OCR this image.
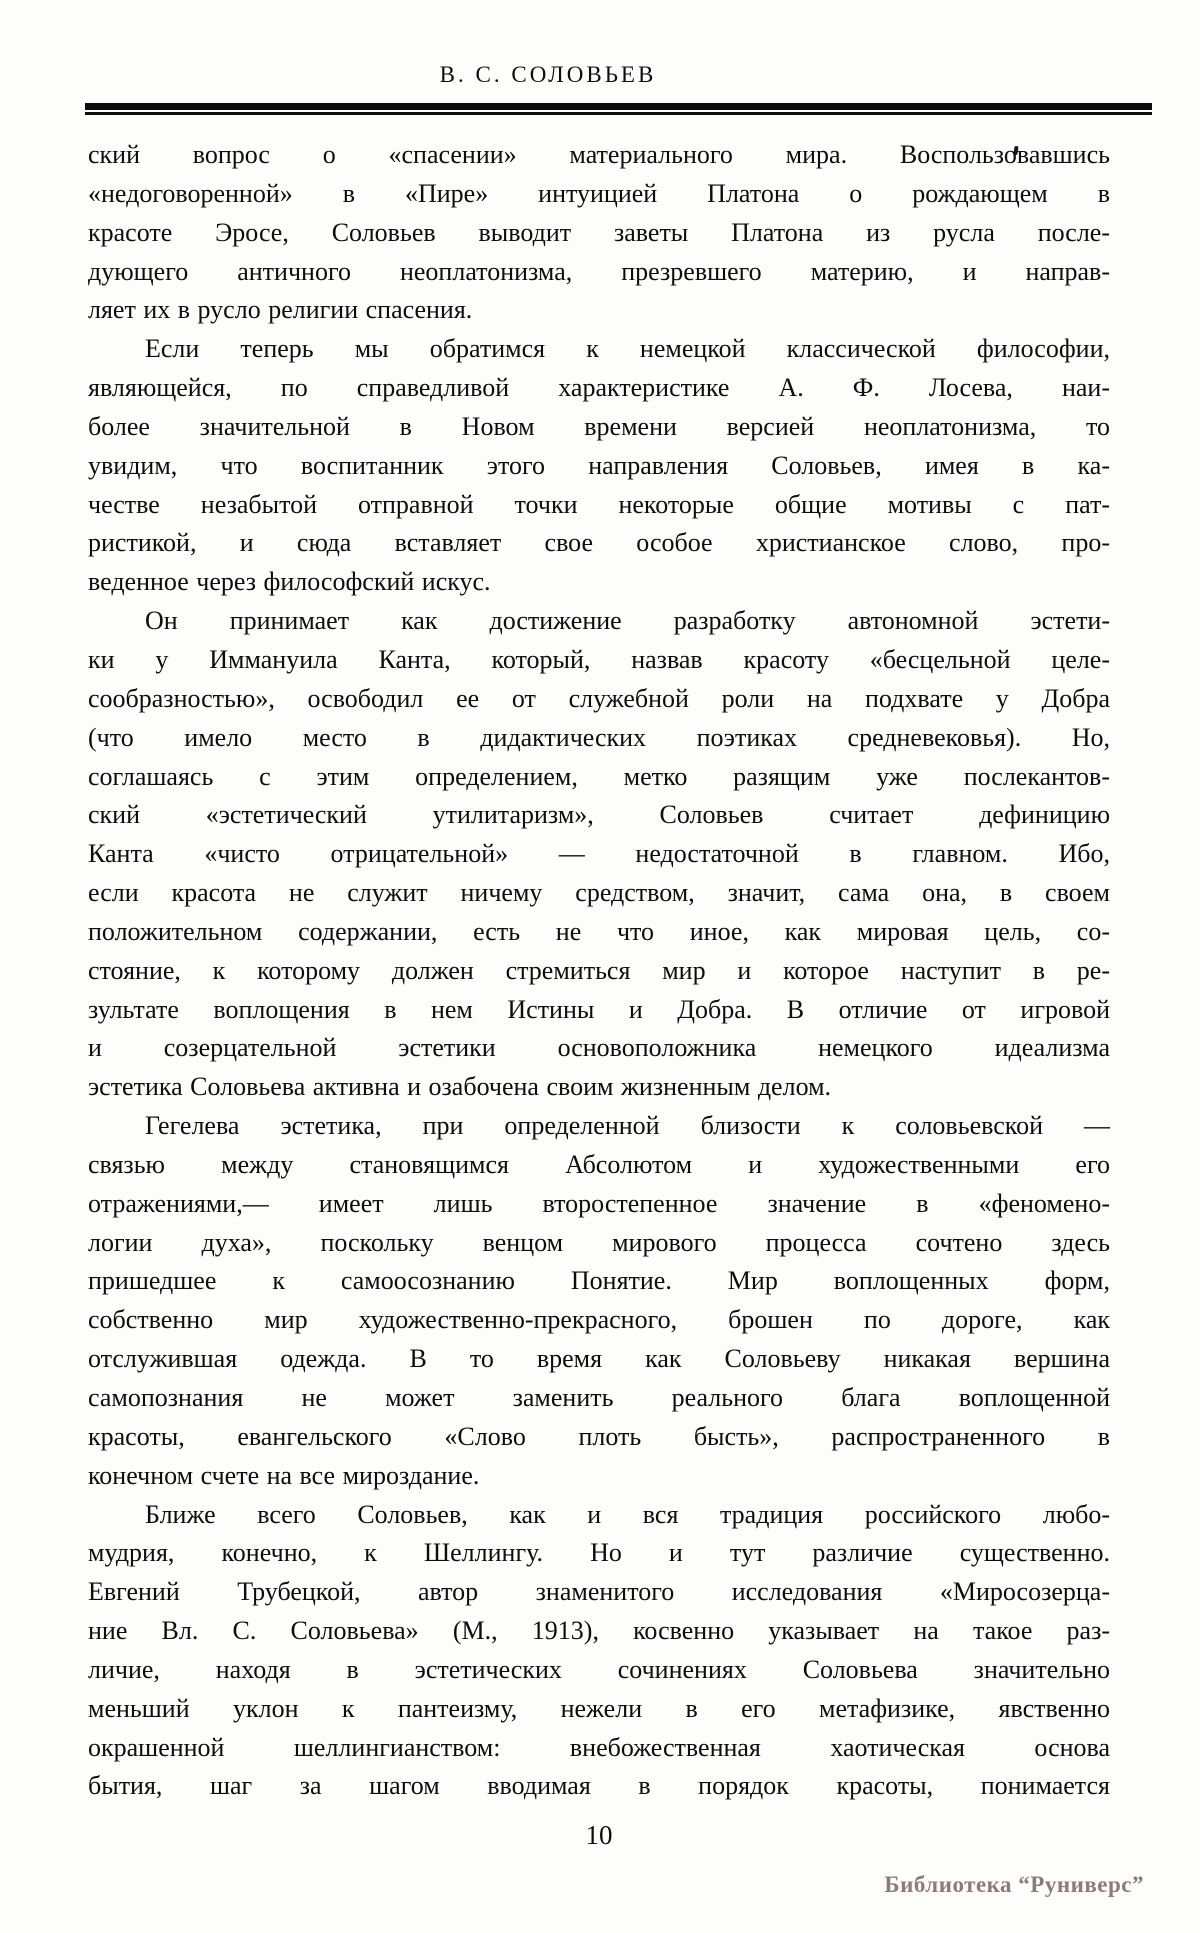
В. С. СОЛОВЬЕВ
ский вопрос о «спасении» материального мира. Воспользовавшись
«недоговоренной» в «Пире» интуицией Платона о рождающем в
красоте Эросе, Соловьев выводит заветы Платона из русла после-
дующего античного неоплатонизма, презревшего материю, и направ-
ляет их в русло религии спасения.
Если теперь мы обратимся к немецкой классической философии,
являющейся, по справедливой характеристике А. Ф. Лосева, наи-
более значительной в Новом времени версией неоплатонизма, то
увидим, что воспитанник этого направления Соловьев, имея в ка-
честве незабытой отправной точки некоторые общие мотивы с пат-
ристикой, и сюда вставляет свое особое христианское слово, про-
веденное через философский искус.
Он принимает как достижение разработку автономной эстети-
ки у Иммануила Канта, который, назвав красоту «бесцельной целе-
сообразностью», освободил ее от служебной роли на подхвате у Добра
(что имело место в дидактических поэтиках средневековья). Но,
соглашаясь с этим определением, метко разящим уже послекантов-
ский «эстетический утилитаризм», Соловьев считает дефиницию
Канта «чисто отрицательной» — недостаточной в главном. Ибо,
если красота не служит ничему средством, значит, сама она, в своем
положительном содержании, есть не что иное, как мировая цель, со-
стояние, к которому должен стремиться мир и которое наступит в ре-
зультате воплощения в нем Истины и Добра. В отличие от игровой
и созерцательной эстетики основоположника немецкого идеализма
эстетика Соловьева активна и озабочена своим жизненным делом.
Гегелева эстетика, при определенной близости к соловьевской —
связью между становящимся Абсолютом и художественными его
отражениями,— имеет лишь второстепенное значение в «феномено-
логии духа», поскольку венцом мирового процесса сочтено здесь
пришедшее к самоосознанию Понятие. Мир воплощенных форм,
собственно мир художественно-прекрасного, брошен по дороге, как
отслужившая одежда. В то время как Соловьеву никакая вершина
самопознания не может заменить реального блага воплощенной
красоты, евангельского «Слово плоть бысть», распространенного в
конечном счете на все мироздание.
Ближе всего Соловьев, как и вся традиция российского любо-
мудрия, конечно, к Шеллингу. Но и тут различие существенно.
Евгений Трубецкой, автор знаменитого исследования «Миросозерца-
ние Вл. С. Соловьева» (М., 1913), косвенно указывает на такое раз-
личие, находя в эстетических сочинениях Соловьева значительно
меньший уклон к пантеизму, нежели в его метафизике, явственно
окрашенной шеллингианством: внебожественная хаотическая основа
бытия, шаг за шагом вводимая в порядок красоты, понимается
10
Библиотека “Руниверс”
